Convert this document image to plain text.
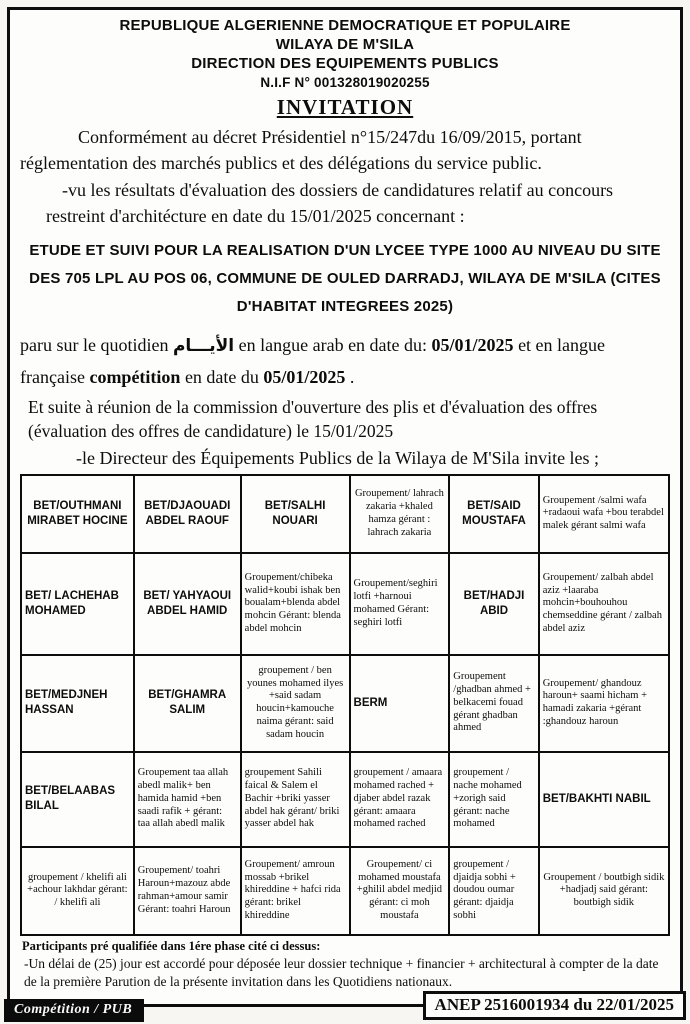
REPUBLIQUE ALGERIENNE DEMOCRATIQUE ET POPULAIRE
WILAYA DE M'SILA
DIRECTION DES EQUIPEMENTS PUBLICS
N.I.F N° 001328019020255
INVITATION

Conformément au décret Présidentiel n°15/247du 16/09/2015, portant réglementation des marchés publics et des délégations du service public.

-vu les résultats d'évaluation des dossiers de candidatures relatif au concours restreint d'architécture en date du 15/01/2025 concernant :

ETUDE ET SUIVI POUR LA REALISATION D'UN LYCEE TYPE 1000 AU NIVEAU DU SITE DES 705 LPL AU POS 06, COMMUNE DE OULED DARRADJ, WILAYA DE M'SILA (CITES D'HABITAT INTEGREES 2025)

paru sur le quotidien الأيـــام en langue arab en date du: 05/01/2025 et en langue française compétition en date du 05/01/2025 .

Et suite à réunion de la commission d'ouverture des plis et d'évaluation des offres (évaluation des offres de candidature) le 15/01/2025

-le Directeur des Équipements Publics de la Wilaya de M'Sila invite les ;

BET/OUTHMANI MIRABET HOCINE	BET/DJAOUADI ABDEL RAOUF	BET/SALHI NOUARI	Groupement/ lahrach zakaria +khaled hamza gérant : lahrach zakaria	BET/SAID MOUSTAFA	Groupement /salmi wafa +radaoui wafa +bou terabdel malek gérant salmi wafa
BET/ LACHEHAB MOHAMED	BET/ YAHYAOUI ABDEL HAMID	Groupement/chibeka walid+koubi ishak ben boualam+blenda abdel mohcin Gérant: blenda abdel mohcin	Groupement/seghiri lotfi +harnoui mohamed Gérant: seghiri lotfi	BET/HADJI ABID	Groupement/ zalbah abdel aziz +laaraba mohcin+bouhouhou chemseddine gérant / zalbah abdel aziz
BET/MEDJNEH HASSAN	BET/GHAMRA SALIM	groupement / ben younes mohamed ilyes +said sadam houcin+kamouche naima gérant: said sadam houcin	BERM	Groupement /ghadban ahmed + belkacemi fouad gérant ghadban ahmed	Groupement/ ghandouz haroun+ saami hicham + hamadi zakaria +gérant :ghandouz haroun
BET/BELAABAS BILAL	Groupement taa allah abedl malik+ ben hamida hamid +ben saadi rafik + gérant: taa allah abedl malik	groupement Sahili faical & Salem el Bachir +briki yasser abdel hak gérant/ briki yasser abdel hak	groupement / amaara mohamed rached + djaber abdel razak gérant: amaara mohamed rached	groupement / nache mohamed +zorigh said gérant: nache mohamed	BET/BAKHTI NABIL
groupement / khelifi ali +achour lakhdar gérant: / khelifi ali	Groupement/ toahri Haroun+mazouz abde rahman+amour samir Gérant: toahri Haroun	Groupement/ amroun mossab +brikel khireddine + hafci rida gérant: brikel khireddine	Groupement/ ci mohamed moustafa +ghilil abdel medjid gérant: ci moh moustafa	groupement / djaidja sobhi + doudou oumar gérant: djaidja sobhi	Groupement / boutbigh sidik +hadjadj said gérant: boutbigh sidik
Participants pré qualifiée dans 1ére phase cité ci dessus:
-Un délai de (25) jour est accordé pour déposée leur dossier technique + financier + architectural à compter de la date de la première Parution de la présente invitation dans les Quotidiens nationaux.
Compétition / PUB	ANEP 2516001934 du 22/01/2025
